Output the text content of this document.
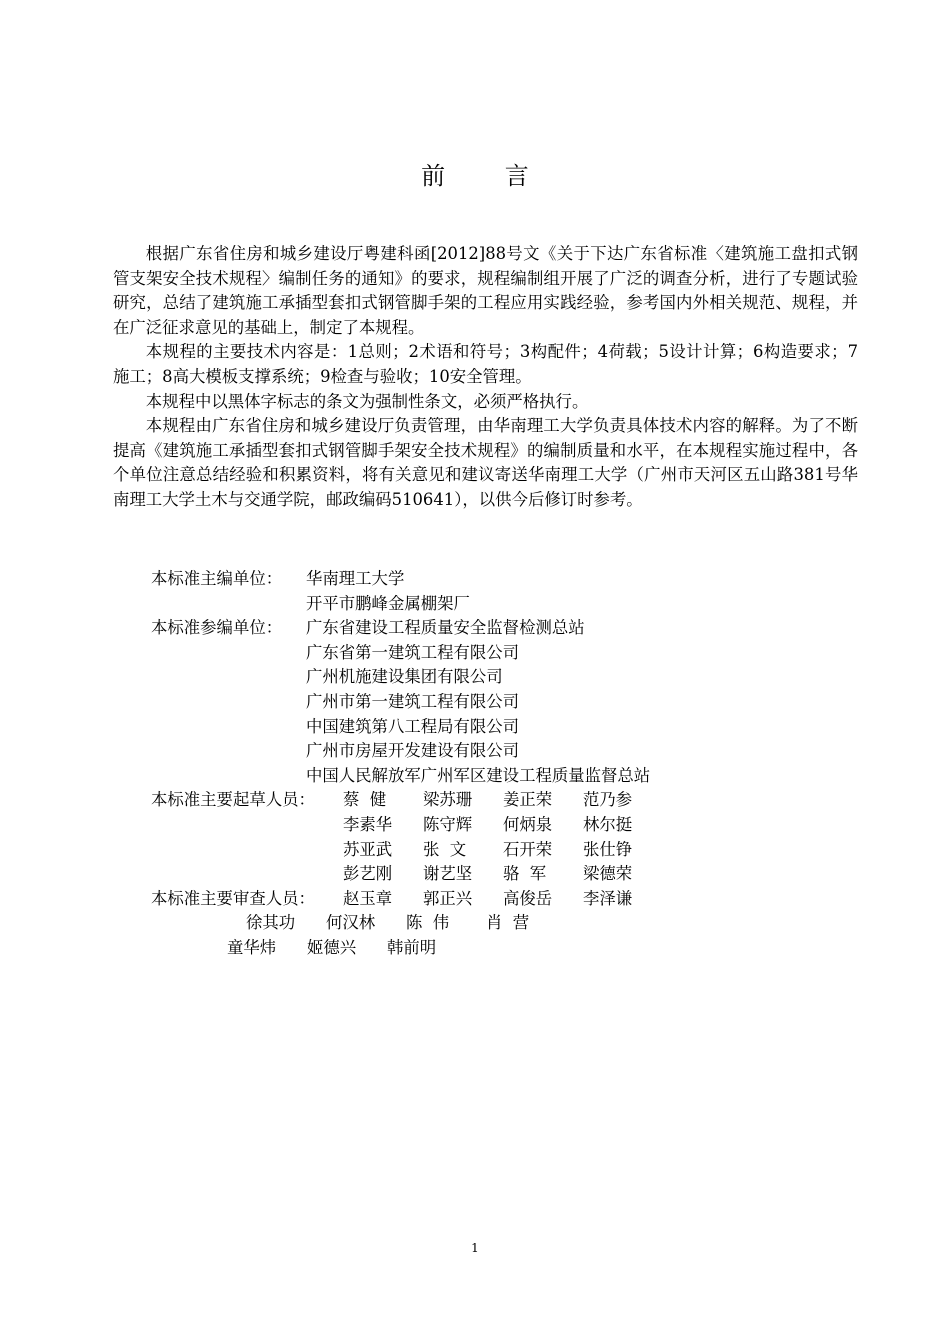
前 言

根据广东省住房和城乡建设厅粤建科函[2012]88号文《关于下达广东省标准〈建筑施工盘扣式钢管支架安全技术规程〉编制任务的通知》的要求，规程编制组开展了广泛的调查分析，进行了专题试验研究，总结了建筑施工承插型套扣式钢管脚手架的工程应用实践经验，参考国内外相关规范、规程，并在广泛征求意见的基础上，制定了本规程。

本规程的主要技术内容是：1总则；2术语和符号；3构配件；4荷载；5设计计算；6构造要求；7施工；8高大模板支撑系统；9检查与验收；10安全管理。

本规程中以黑体字标志的条文为强制性条文，必须严格执行。

本规程由广东省住房和城乡建设厅负责管理，由华南理工大学负责具体技术内容的解释。为了不断提高《建筑施工承插型套扣式钢管脚手架安全技术规程》的编制质量和水平，在本规程实施过程中，各个单位注意总结经验和积累资料，将有关意见和建议寄送华南理工大学（广州市天河区五山路381号华南理工大学土木与交通学院，邮政编码510641），以供今后修订时参考。

本标准主编单位：	华南理工大学
开平市鹏峰金属棚架厂
本标准参编单位：	广东省建设工程质量安全监督检测总站
广东省第一建筑工程有限公司
广州机施建设集团有限公司
广州市第一建筑工程有限公司
中国建筑第八工程局有限公司
广州市房屋开发建设有限公司
中国人民解放军广州军区建设工程质量监督总站
本标准主要起草人员：	蔡  健	梁苏珊	姜正荣	范乃参
李素华	陈守辉	何炳泉	林尔挺
苏亚武	张  文	石开荣	张仕铮
彭艺刚	谢艺坚	骆  军	梁德荣
本标准主要审查人员：	赵玉章	郭正兴	高俊岳	李泽谦
徐其功	何汉林	陈  伟	肖  营
童华炜	姬德兴	韩前明
1
